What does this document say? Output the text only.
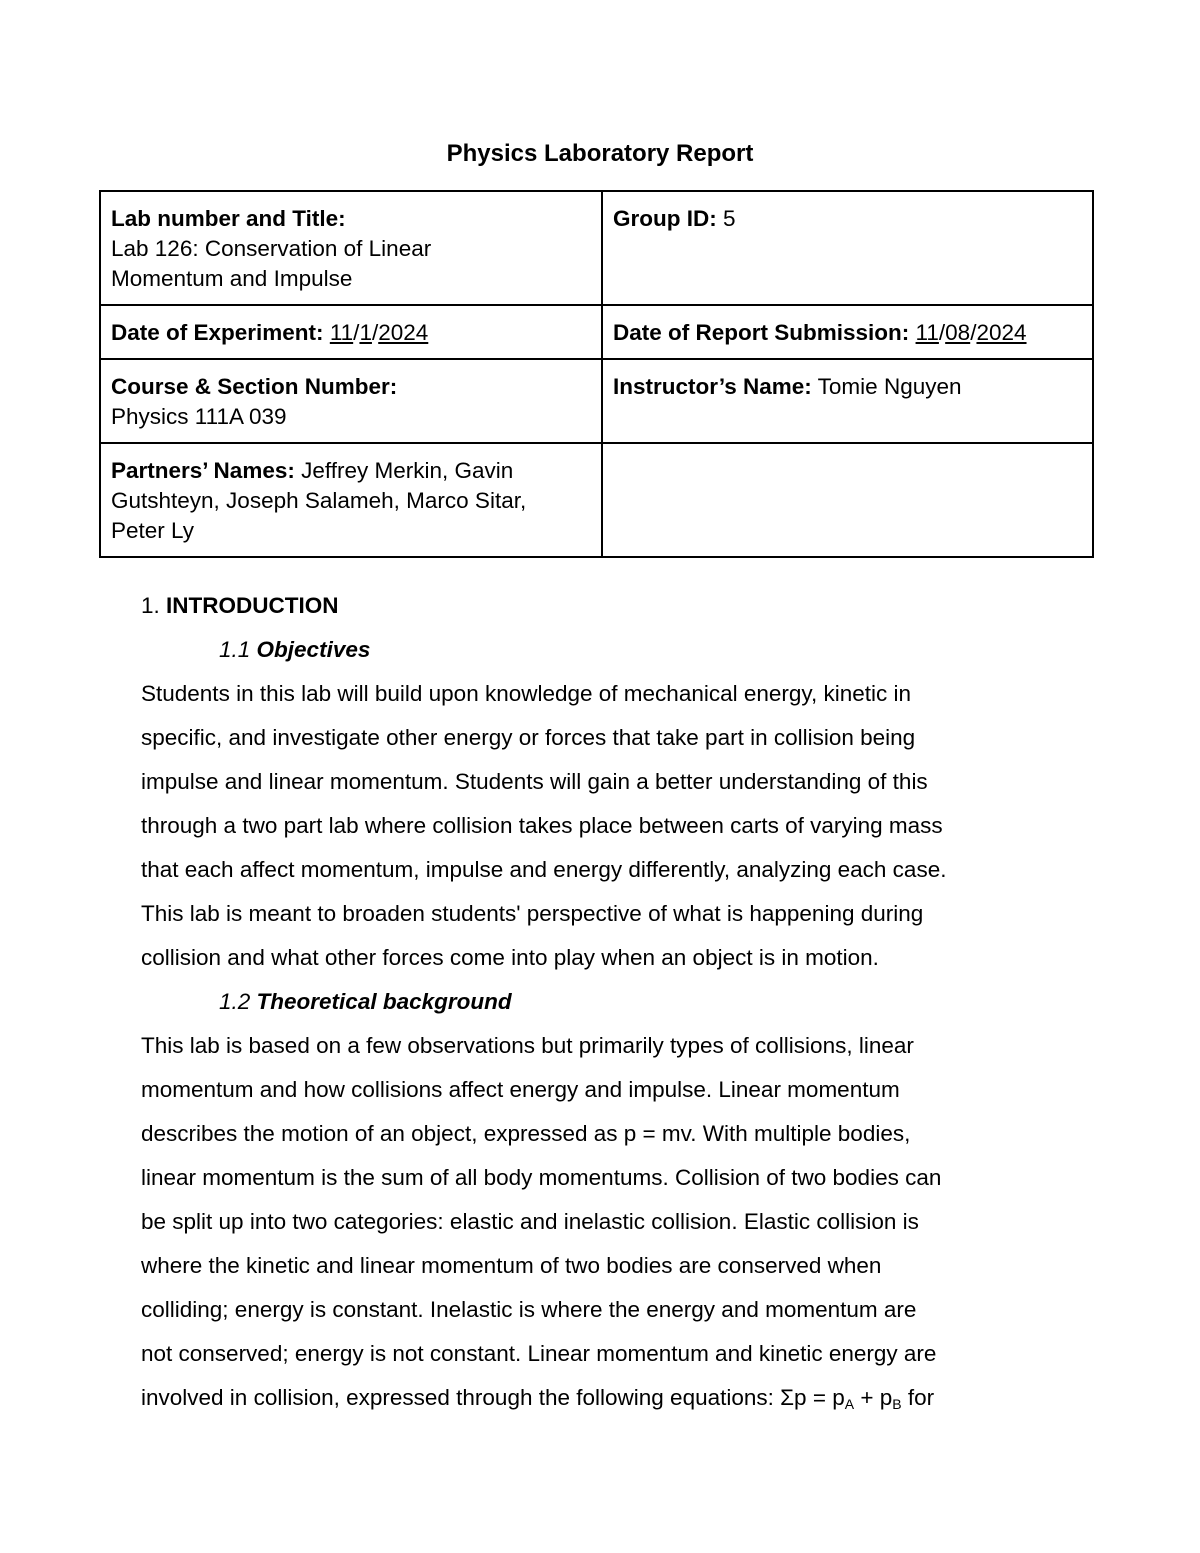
Physics Laboratory Report
Lab number and Title:
Lab 126: Conservation of Linear
Momentum and Impulse	Group ID: 5
Date of Experiment: 11/1/2024	Date of Report Submission: 11/08/2024
Course & Section Number:
Physics 111A 039	Instructor’s Name: Tomie Nguyen
Partners’ Names: Jeffrey Merkin, Gavin
Gutshteyn, Joseph Salameh, Marco Sitar,
Peter Ly	

1. INTRODUCTION

1.1 Objectives

Students in this lab will build upon knowledge of mechanical energy, kinetic in

specific, and investigate other energy or forces that take part in collision being

impulse and linear momentum. Students will gain a better understanding of this

through a two part lab where collision takes place between carts of varying mass

that each affect momentum, impulse and energy differently, analyzing each case.

This lab is meant to broaden students' perspective of what is happening during

collision and what other forces come into play when an object is in motion.

1.2 Theoretical background

This lab is based on a few observations but primarily types of collisions, linear

momentum and how collisions affect energy and impulse. Linear momentum

describes the motion of an object, expressed as p = mv. With multiple bodies,

linear momentum is the sum of all body momentums. Collision of two bodies can

be split up into two categories: elastic and inelastic collision. Elastic collision is

where the kinetic and linear momentum of two bodies are conserved when

colliding; energy is constant. Inelastic is where the energy and momentum are

not conserved; energy is not constant. Linear momentum and kinetic energy are

involved in collision, expressed through the following equations: Σp = pA + pB for
